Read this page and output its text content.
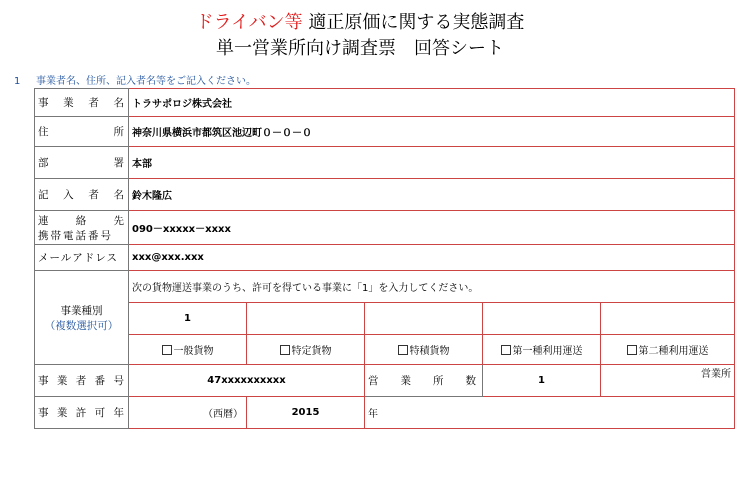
ドライバン等 適正原価に関する実態調査
単一営業所向け調査票　回答シート
1 事業者名、住所、記入者名等をご記入ください。
事 業 者 名	トラサポロジ株式会社				

住 所	神奈川県横浜市都筑区池辺町０－０－０				

部 署	本部				

記 入 者 名	鈴木隆広				

連 絡 先
携帯電話番号	090－xxxxx－xxxx				
メールアドレス	xxx@xxx.xxx				

事業種別
（複数選択可）	次の貨物運送事業のうち、許可を得ている事業に「1」を入力してください。				
	1				
	一般貨物	特定貨物	特積貨物	第一種利用運送	第二種利用運送

事 業 者 番 号	47xxxxxxxxxx		営 業 所 数	1	営業所

事 業 許 可 年	（西暦）	2015	年		
